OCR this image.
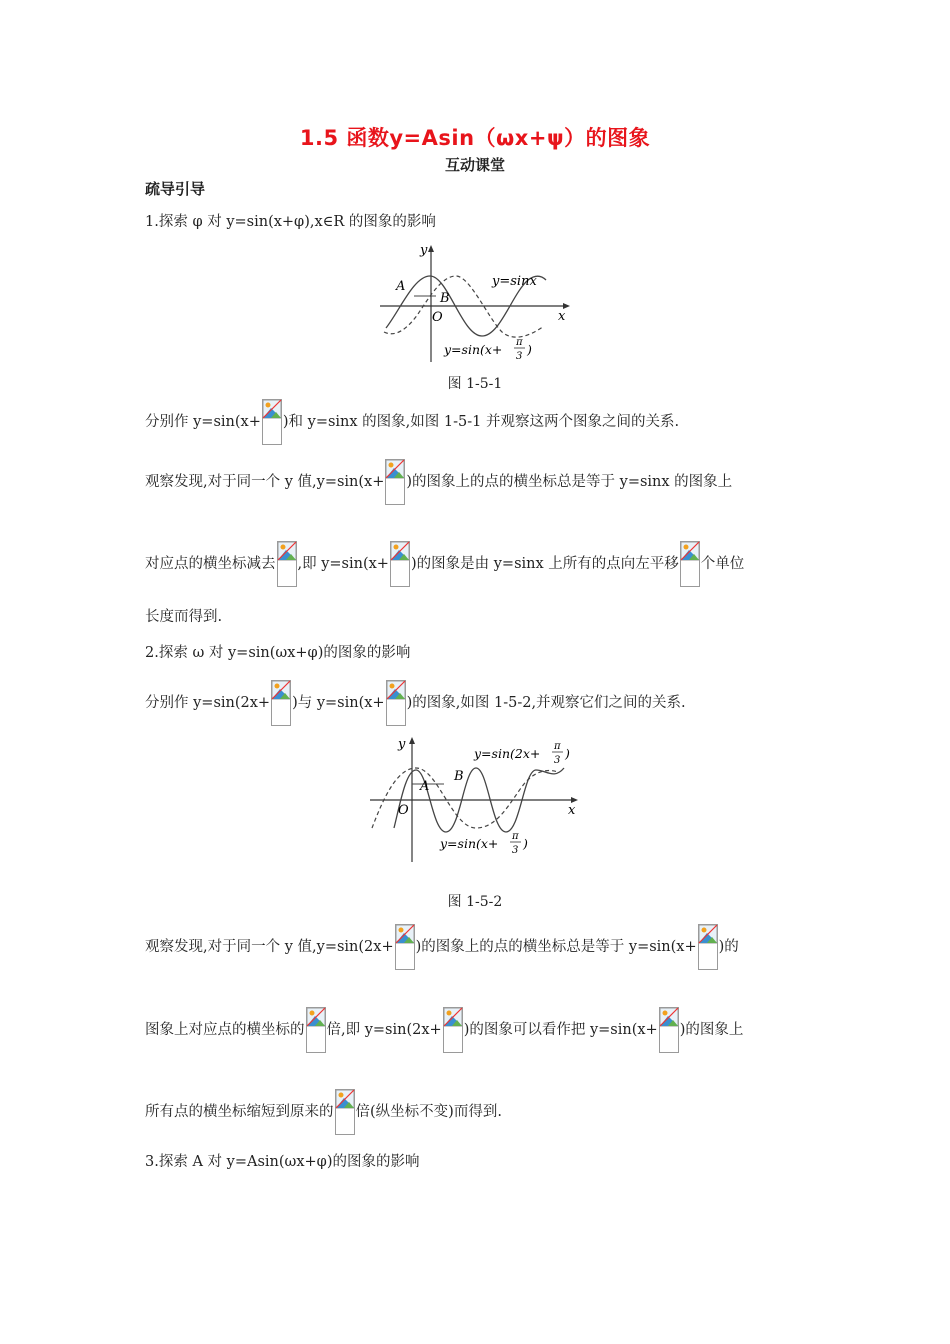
1.5 函数y=Asin（ωx+ψ）的图象
互动课堂
疏导引导
1.探索 φ 对 y=sin(x+φ),x∈R 的图象的影响
y
x
O
A
B
y=sinx
y=sin(x+ π
3 )
图 1-5-1
分别作 y=sin(x+ )和 y=sinx 的图象,如图 1-5-1 并观察这两个图象之间的关系.
观察发现,对于同一个 y 值,y=sin(x+ )的图象上的点的横坐标总是等于 y=sinx 的图象上
对应点的横坐标减去 ,即 y=sin(x+ )的图象是由 y=sinx 上所有的点向左平移 个单位
长度而得到.
2.探索 ω 对 y=sin(ωx+φ)的图象的影响
分别作 y=sin(2x+ )与 y=sin(x+ )的图象,如图 1-5-2,并观察它们之间的关系.
y
x
O
A
B
y=sin(2x+ π
3 )
y=sin(x+ π
3 )
图 1-5-2
观察发现,对于同一个 y 值,y=sin(2x+ )的图象上的点的横坐标总是等于 y=sin(x+ )的
图象上对应点的横坐标的 倍,即 y=sin(2x+ )的图象可以看作把 y=sin(x+ )的图象上
所有点的横坐标缩短到原来的 倍(纵坐标不变)而得到.
3.探索 A 对 y=Asin(ωx+φ)的图象的影响
